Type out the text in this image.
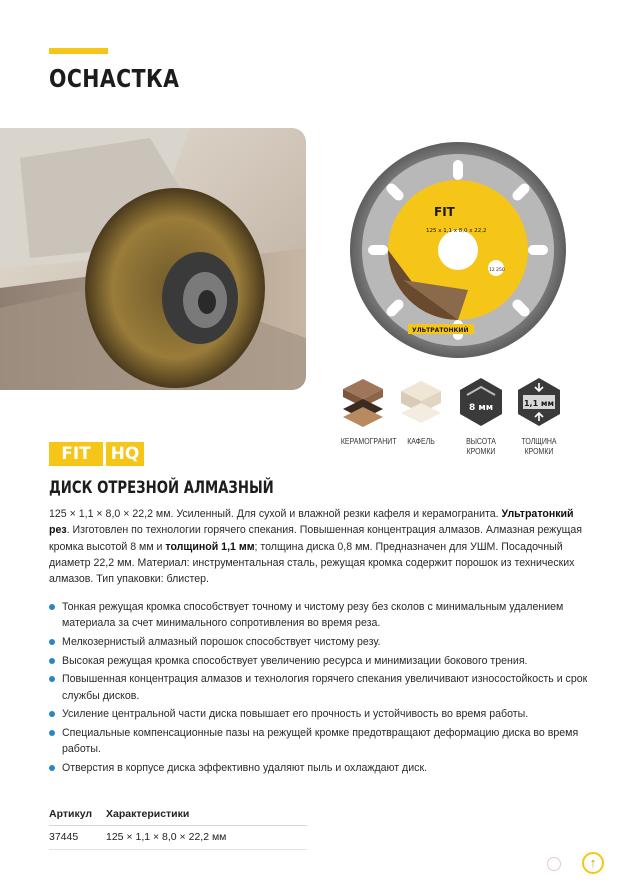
ОСНАСТКА
FIT
125 x 1,1 x 8,0 x 22,2
12 250
УЛЬТРАТОНКИЙ
КЕРАМОГРАНИТ	КАФЕЛЬ
8 мм
ВЫСОТА КРОМКИ
1,1 мм
ТОЛЩИНА КРОМКИ
FIT	HQ
ДИСК ОТРЕЗНОЙ АЛМАЗНЫЙ

125 × 1,1 × 8,0 × 22,2 мм. Усиленный. Для сухой и влажной резки кафеля и керамогранита. Ультратонкий рез. Изготовлен по технологии горячего спекания. Повышенная концентрация алмазов. Алмазная режущая кромка высотой 8 мм и толщиной 1,1 мм; толщина диска 0,8 мм. Предназначен для УШМ. Посадочный диаметр 22,2 мм. Материал: инструментальная сталь, режущая кромка содержит порошок из технических алмазов. Тип упаковки: блистер.

Тонкая режущая кромка способствует точному и чистому резу без сколов с минимальным удалением материала за счет минимального сопротивления во время реза.
Мелкозернистый алмазный порошок способствует чистому резу.
Высокая режущая кромка способствует увеличению ресурса и минимизации бокового трения.
Повышенная концентрация алмазов и технология горячего спекания увеличивают износостойкость и срок службы дисков.
Усиление центральной части диска повышает его прочность и устойчивость во время работы.
Специальные компенсационные пазы на режущей кромке предотвращают деформацию диска во время работы.
Отверстия в корпусе диска эффективно удаляют пыль и охлаждают диск.
Артикул	Характеристики
37445	125 × 1,1 × 8,0 × 22,2 мм
↑
